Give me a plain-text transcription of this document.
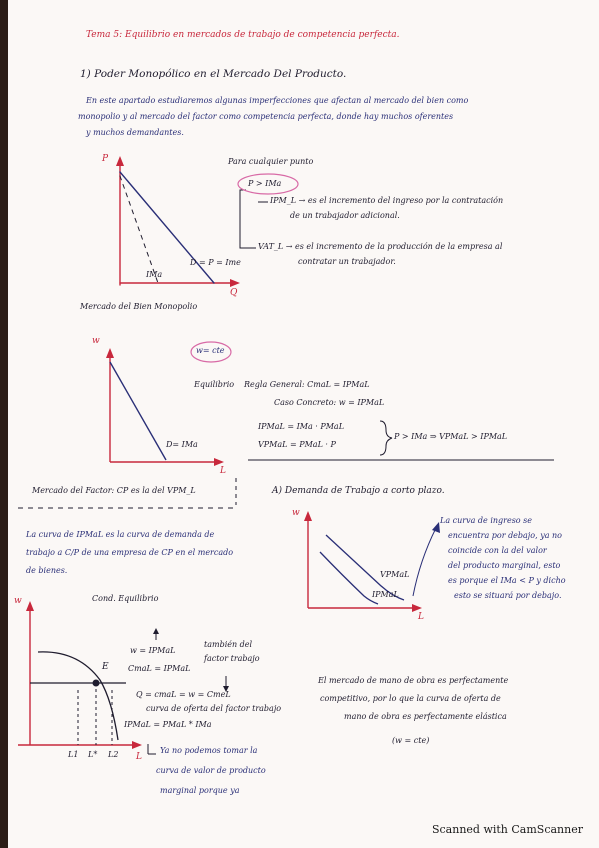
Tema 5: Equilibrio en mercados de trabajo de competencia perfecta.
1) Poder Monopólico en el Mercado Del Producto.
En este apartado estudiaremos algunas imperfecciones que afectan al mercado del bien como
monopolio y al mercado del factor como competencia perfecta, donde hay muchos oferentes
y muchos demandantes.
P
Q
D = P = Ime
IMa
Mercado del Bien Monopolio
Para cualquier punto
P > IMa
IPM_L → es el incremento del ingreso por la contratación
de un trabajador adicional.
VAT_L → es el incremento de la producción de la empresa al
contratar un trabajador.
w
L
D= IMa
Mercado del Factor: CP es la del VPM_L
w= cte
Equilibrio Regla General: CmaL = IPMaL
Caso Concreto: w = IPMaL
IPMaL = IMa · PMaL
VPMaL = PMaL · P
P > IMa ⇒ VPMaL > IPMaL
A) Demanda de Trabajo a corto plazo.
La curva de IPMaL es la curva de demanda de
trabajo a C/P de una empresa de CP en el mercado
de bienes.
w
L
VPMaL
IPMaL
La curva de ingreso se
encuentra por debajo, ya no
coincide con la del valor
del producto marginal, esto
es porque el IMa < P y dicho
esto se situará por debajo.
Cond. Equilibrio
w
L
E
L1 L* L2
también del
factor trabajo
w = IPMaL
CmaL = IPMaL
Q = cmaL = w = CmeL
curva de oferta del factor trabajo
IPMaL = PMaL * IMa
Ya no podemos tomar la
curva de valor de producto
marginal porque ya
El mercado de mano de obra es perfectamente
competitivo, por lo que la curva de oferta de
mano de obra es perfectamente elástica
(w = cte)
Scanned with CamScanner
